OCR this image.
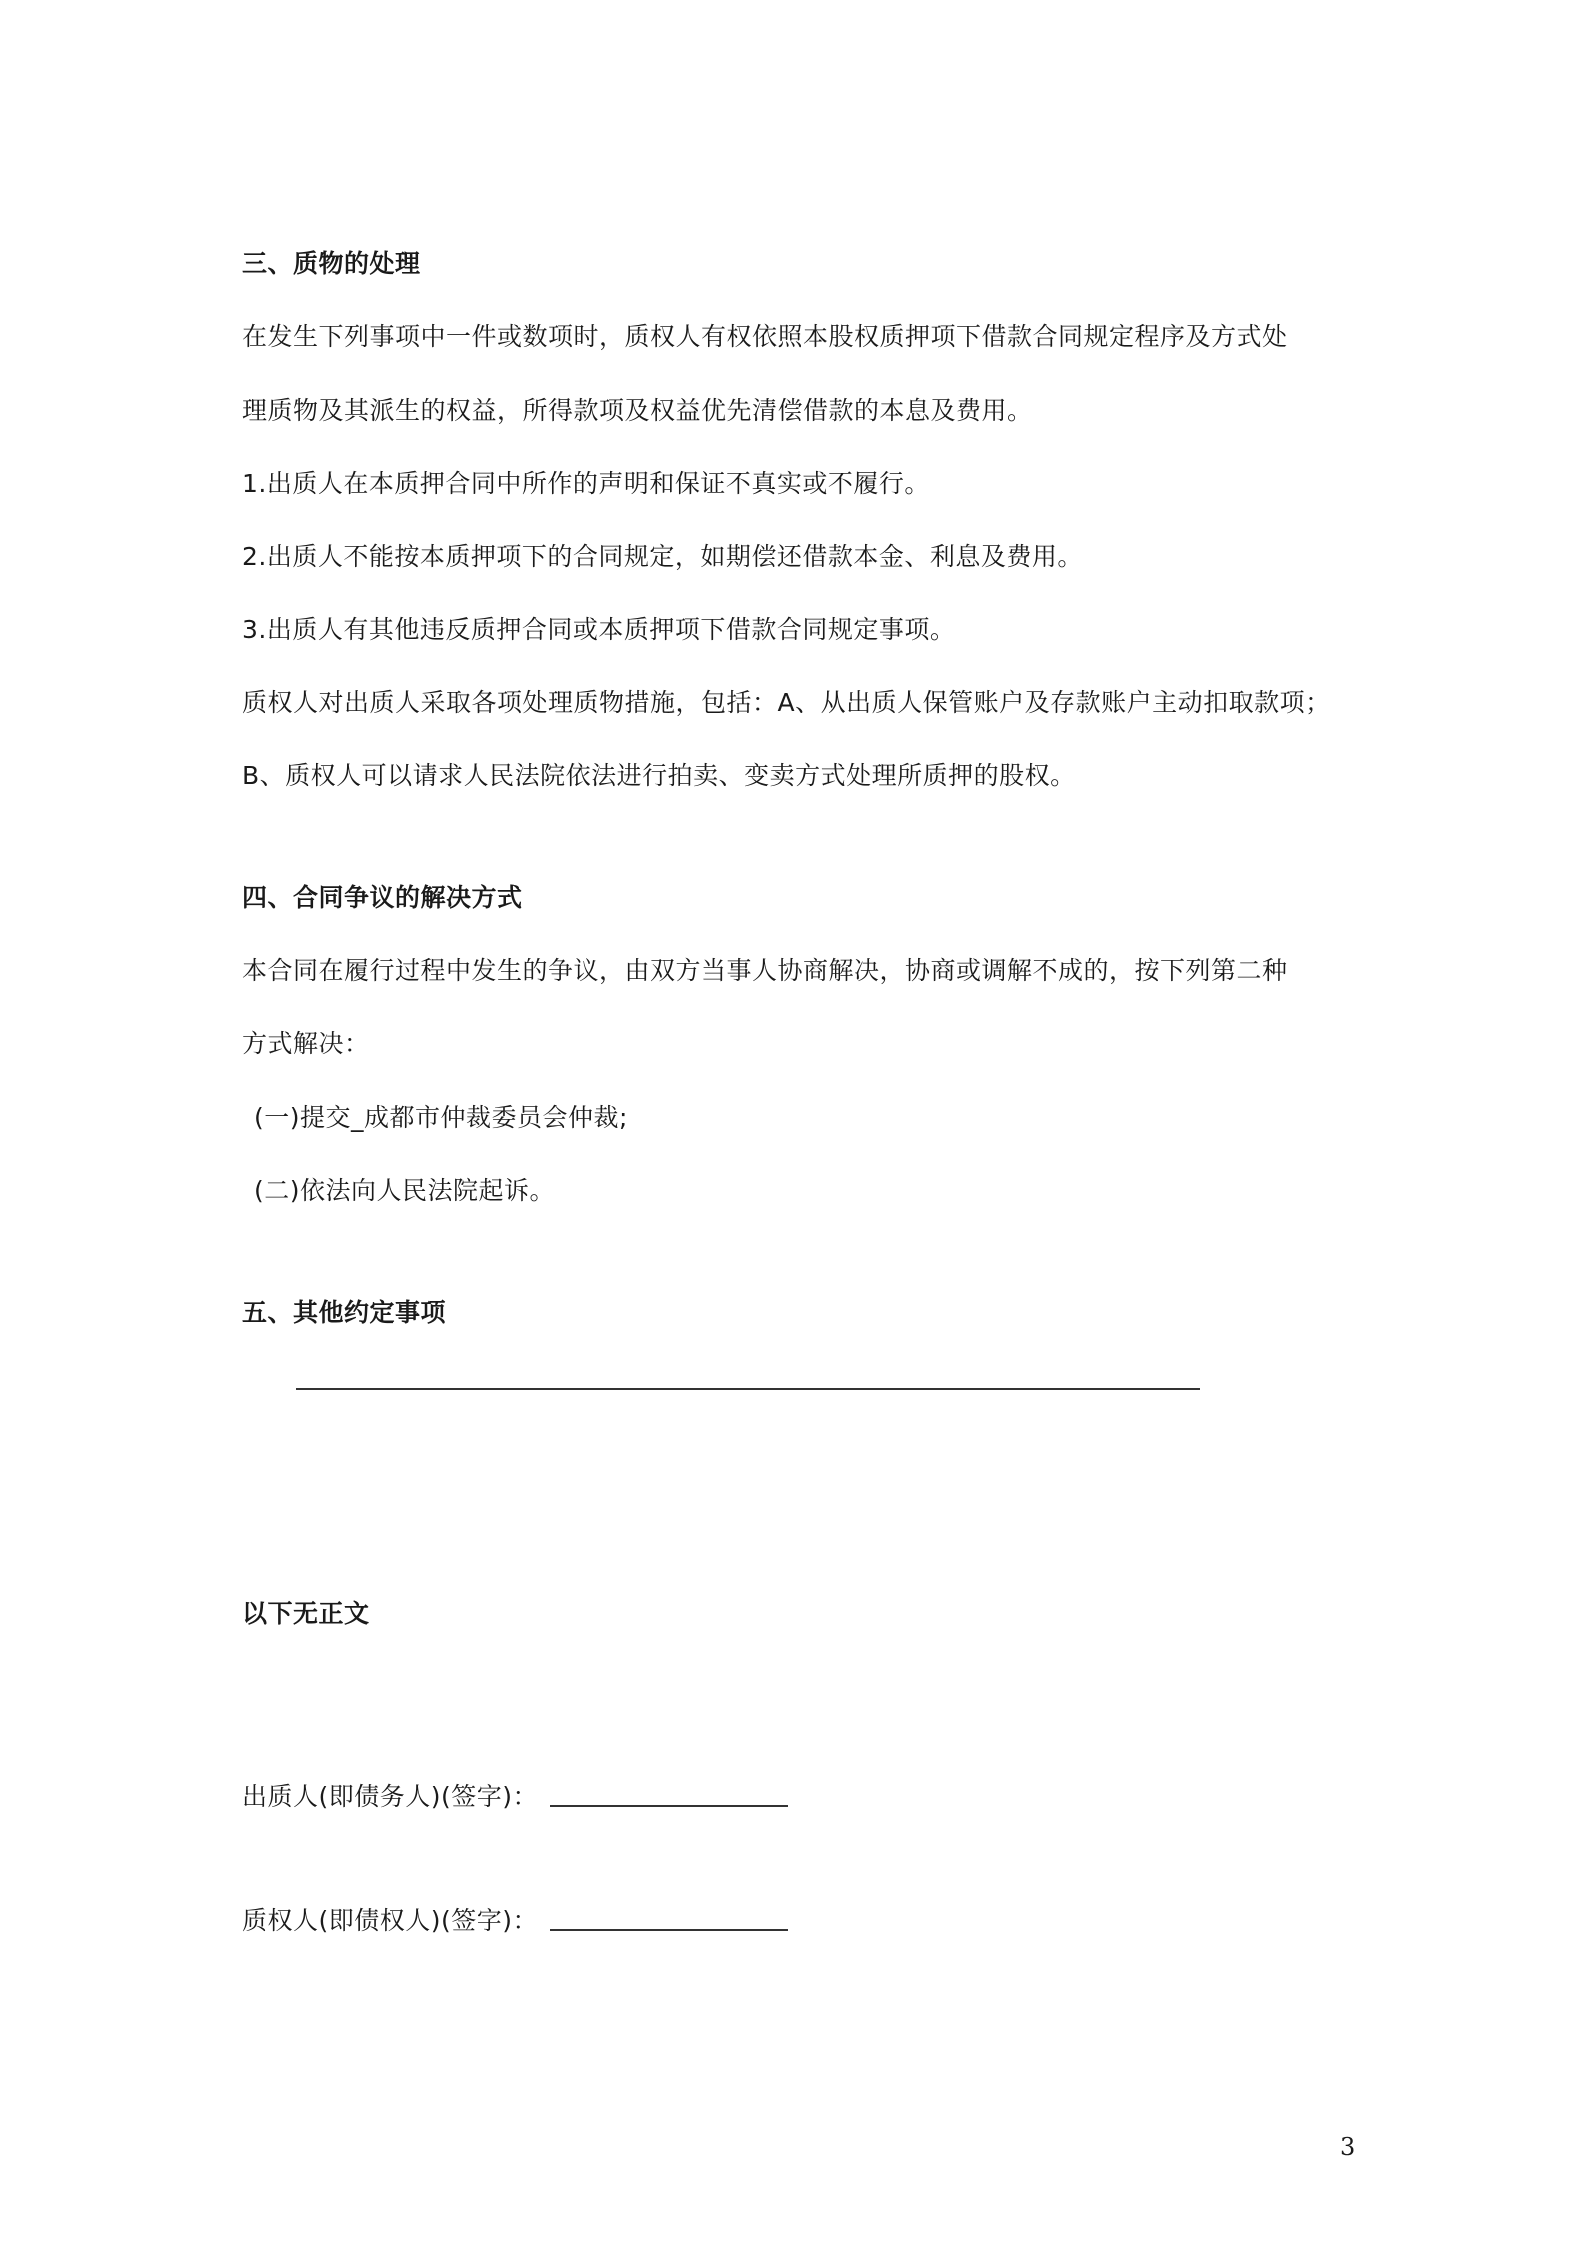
三、质物的处理
在发生下列事项中一件或数项时，质权人有权依照本股权质押项下借款合同规定程序及方式处
理质物及其派生的权益，所得款项及权益优先清偿借款的本息及费用。
1.出质人在本质押合同中所作的声明和保证不真实或不履行。
2.出质人不能按本质押项下的合同规定，如期偿还借款本金、利息及费用。
3.出质人有其他违反质押合同或本质押项下借款合同规定事项。
质权人对出质人采取各项处理质物措施，包括：A、从出质人保管账户及存款账户主动扣取款项；
B、质权人可以请求人民法院依法进行拍卖、变卖方式处理所质押的股权。
四、合同争议的解决方式
本合同在履行过程中发生的争议，由双方当事人协商解决，协商或调解不成的，按下列第二种
方式解决：
(一)提交_成都市仲裁委员会仲裁;
(二)依法向人民法院起诉。
五、其他约定事项
以下无正文
出质人(即债务人)(签字)：
质权人(即债权人)(签字)：
3
